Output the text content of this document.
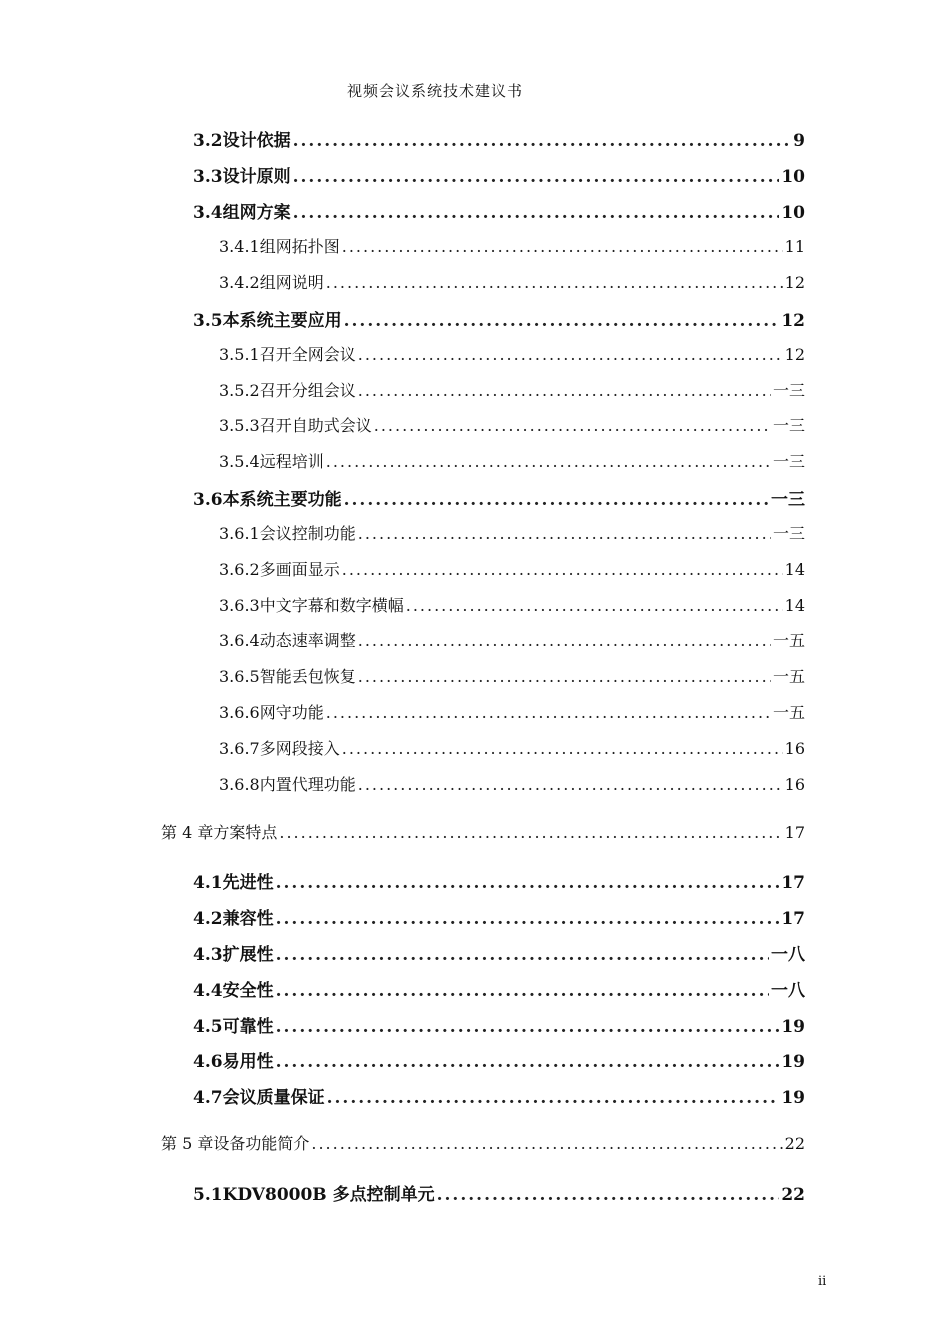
视频会议系统技术建议书
3.2 设计依据 .....	9
3.3 设计原则 .....	10
3.4 组网方案 .....	10
3.4.1 组网拓扑图 .....	11
3.4.2 组网说明 .....	12
3.5 本系统主要应用 .....	12
3.5.1 召开全网会议 .....	12
3.5.2 召开分组会议 .....	一三
3.5.3 召开自助式会议 .....	一三
3.5.4 远程培训 .....	一三
3.6 本系统主要功能 .....	一三
3.6.1 会议控制功能 .....	一三
3.6.2 多画面显示 .....	14
3.6.3 中文字幕和数字横幅 .....	14
3.6.4 动态速率调整 .....	一五
3.6.5 智能丢包恢复 .....	一五
3.6.6 网守功能 .....	一五
3.6.7 多网段接入 .....	16
3.6.8 内置代理功能 .....	16
第 4 章 方案特点 .....	17
4.1 先进性 .....	17
4.2 兼容性 .....	17
4.3 扩展性 .....	一八
4.4 安全性 .....	一八
4.5 可靠性 .....	19
4.6 易用性 .....	19
4.7 会议质量保证 .....	19
第 5 章 设备功能简介 .....	22
5.1 KDV8000B 多点控制单元 .....	22
ii
